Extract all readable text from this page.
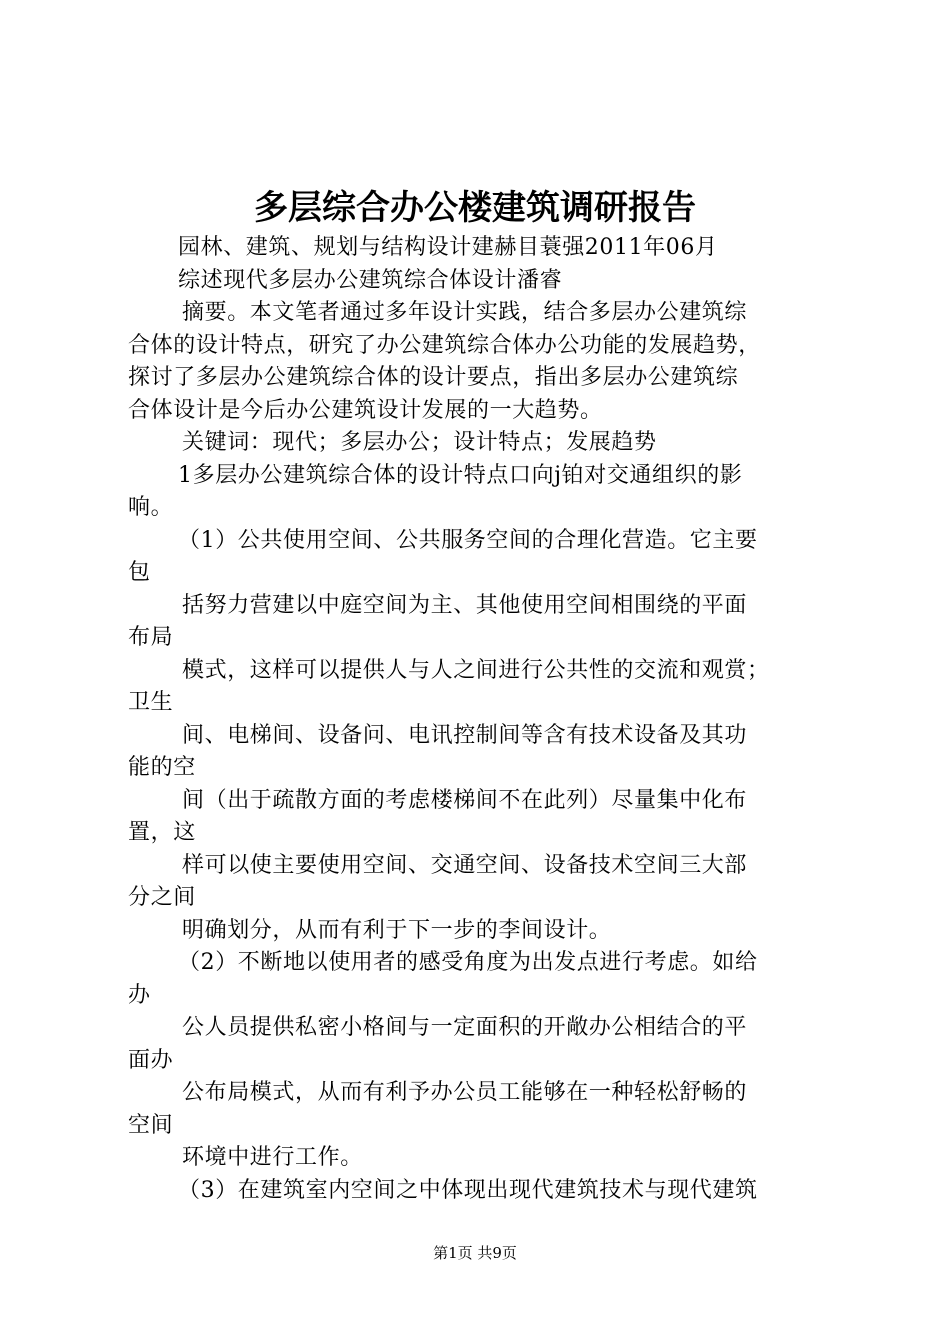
多层综合办公楼建筑调研报告
园林、建筑、规划与结构设计建赫目蓑强2011年06月
综述现代多层办公建筑综合体设计潘睿
摘要。本文笔者通过多年设计实践，结合多层办公建筑综
合体的设计特点，研究了办公建筑综合体办公功能的发展趋势，
探讨了多层办公建筑综合体的设计要点，指出多层办公建筑综
合体设计是今后办公建筑设计发展的一大趋势。
关键词：现代；多层办公；设计特点；发展趋势
1多层办公建筑综合体的设计特点口向j铂对交通组织的影
响。
（1）公共使用空间、公共服务空间的合理化营造。它主要
包
括努力营建以中庭空间为主、其他使用空间相围绕的平面
布局
模式，这样可以提供人与人之间进行公共性的交流和观赏；
卫生
间、电梯间、设备问、电讯控制间等含有技术设备及其功
能的空
间（出于疏散方面的考虑楼梯间不在此列）尽量集中化布
置，这
样可以使主要使用空间、交通空间、设备技术空间三大部
分之间
明确划分，从而有利于下一步的李间设计。
（2）不断地以使用者的感受角度为出发点进行考虑。如给
办
公人员提供私密小格间与一定面积的开敞办公相结合的平
面办
公布局模式，从而有利予办公员工能够在一种轻松舒畅的
空间
环境中进行工作。
（3）在建筑室内空间之中体现出现代建筑技术与现代建筑
第1页 共9页
